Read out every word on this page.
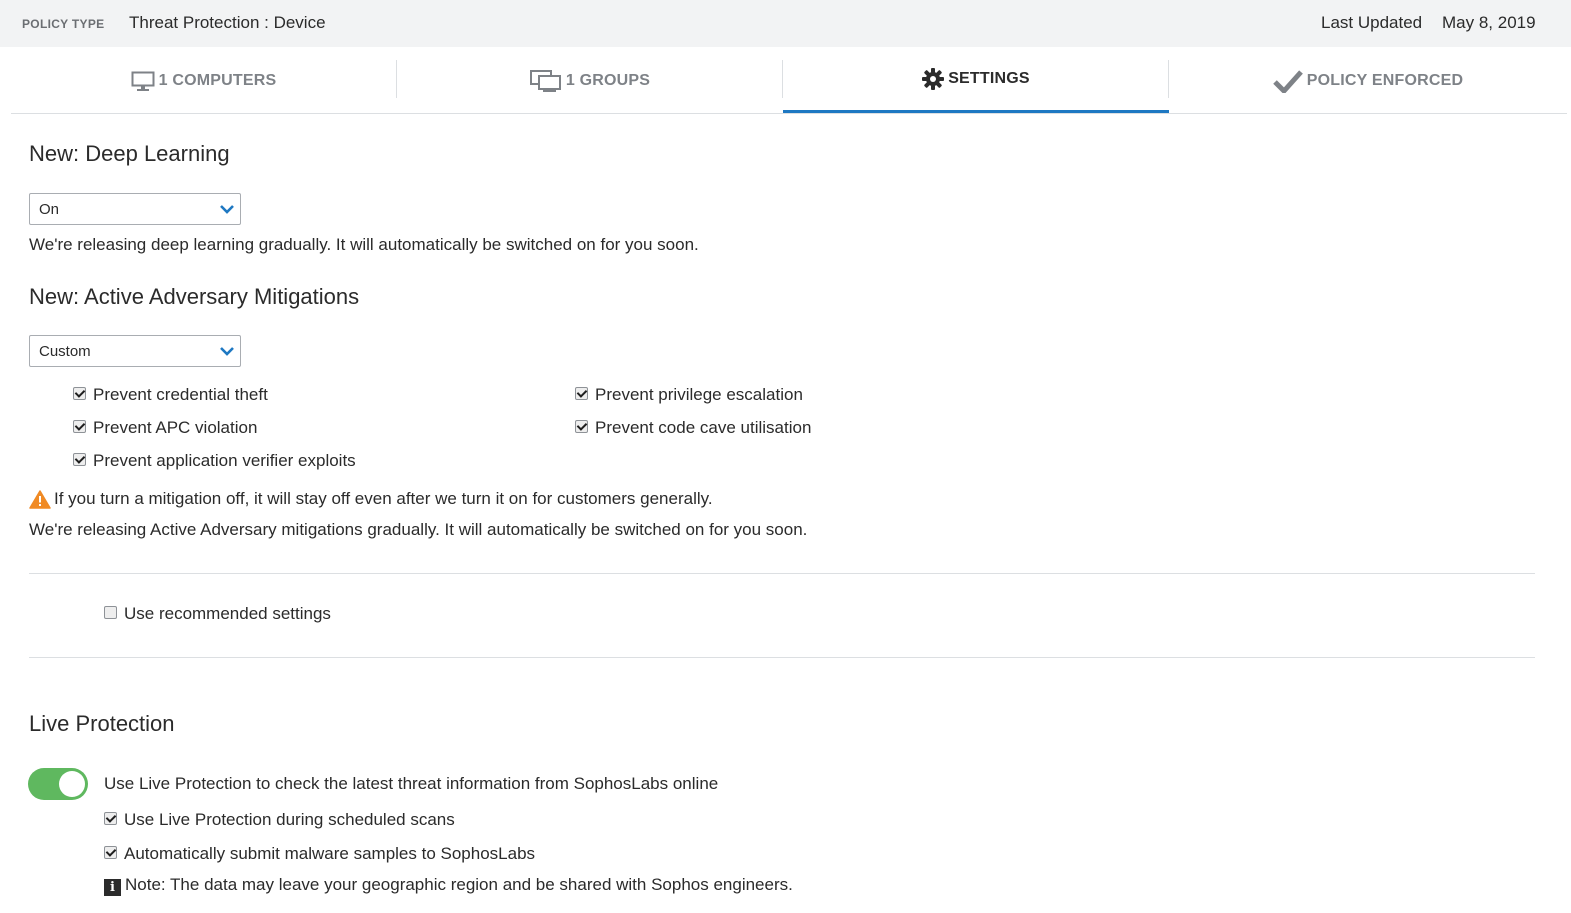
POLICY TYPE Threat Protection : Device	Last Updated May 8, 2019
1 COMPUTERS	1 GROUPS	SETTINGS	POLICY ENFORCED
New: Deep Learning
On
We're releasing deep learning gradually. It will automatically be switched on for you soon.
New: Active Adversary Mitigations
Custom
Prevent credential theft
Prevent APC violation
Prevent application verifier exploits
Prevent privilege escalation
Prevent code cave utilisation
If you turn a mitigation off, it will stay off even after we turn it on for customers generally.
We're releasing Active Adversary mitigations gradually. It will automatically be switched on for you soon.
Use recommended settings
Live Protection
Use Live Protection to check the latest threat information from SophosLabs online
Use Live Protection during scheduled scans
Automatically submit malware samples to SophosLabs
i Note: The data may leave your geographic region and be shared with Sophos engineers.
